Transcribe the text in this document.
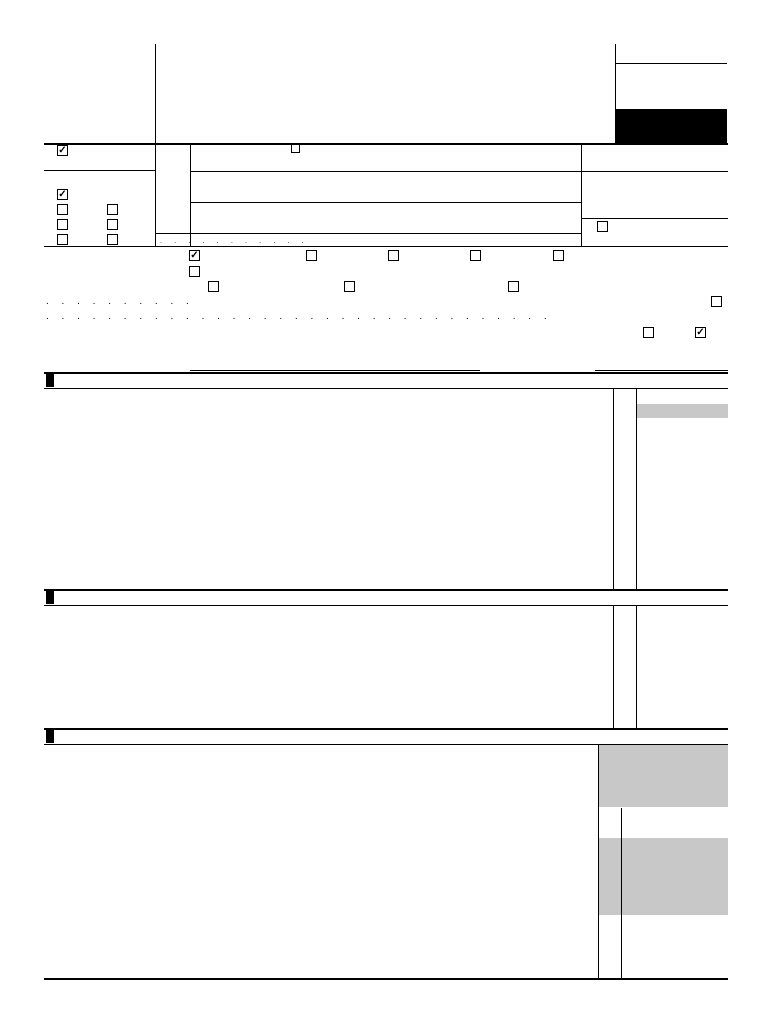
✓
✓
. . . . . . . . . . .
✓
. . . . . . . . . .
. . . . . . . . . . . . . . . . . . . . . . . . . . . . . . . . .
✓
